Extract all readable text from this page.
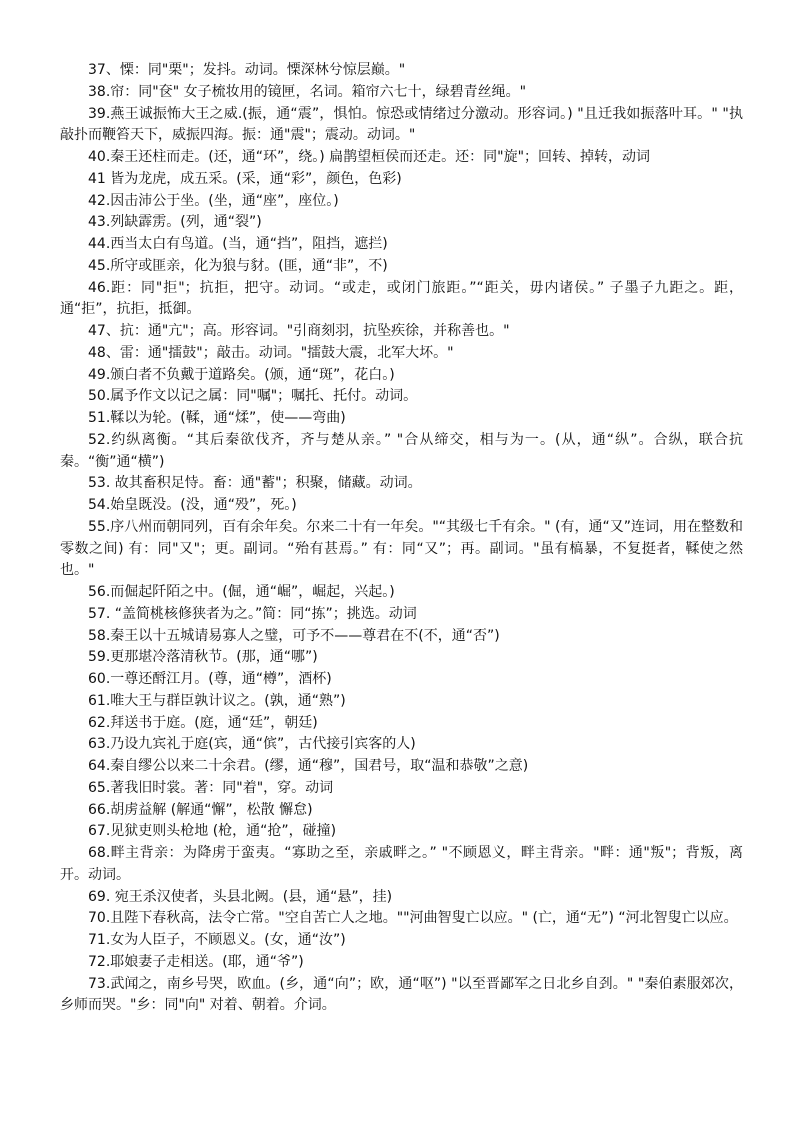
37、慄：同"栗"；发抖。动词。慄深林兮惊层巅。"

38.帘：同"奁" 女子梳妆用的镜匣，名词。箱帘六七十，绿碧青丝绳。"

39.燕王诚振怖大王之威.(振，通“震”，惧怕。惊恐或情绪过分激动。形容词。) "且迁我如振落叶耳。" "执敲扑而鞭笞天下，威振四海。振：通"震"；震动。动词。"

40.秦王还柱而走。(还，通“环”，绕。) 扁鹊望桓侯而还走。还：同"旋"；回转、掉转，动词

41 皆为龙虎，成五采。(采，通“彩”，颜色，色彩)

42.因击沛公于坐。(坐，通“座”，座位。)

43.列缺霹雳。(列，通“裂”)

44.西当太白有鸟道。(当，通“挡”，阻挡，遮拦)

45.所守或匪亲，化为狼与豺。(匪，通“非”，不)

46.距：同"拒"；抗拒，把守。动词。“或走，或闭门旅距。”“距关，毋内诸侯。” 子墨子九距之。距，通“拒”，抗拒，抵御。

47、抗：通"亢"；高。形容词。"引商刻羽，抗坠疾徐，并称善也。"

48、雷：通"擂鼓"；敲击。动词。"擂鼓大震，北军大坏。"

49.颁白者不负戴于道路矣。(颁，通“斑”，花白。)

50.属予作文以记之属：同"嘱"；嘱托、托付。动词。

51.鞣以为轮。(鞣，通“煣”，使——弯曲)

52.约纵离衡。“其后秦欲伐齐，齐与楚从亲。” "合从缔交，相与为一。(从，通“纵”。合纵，联合抗秦。“衡”通“横”)

53. 故其畜积足恃。畜：通"蓄"；积聚，储藏。动词。

54.始皇既没。(没，通“殁”，死。)

55.序八州而朝同列，百有余年矣。尔来二十有一年矣。"“其级七千有余。" (有，通“又”连词，用在整数和零数之间) 有：同"又"；更。副词。“殆有甚焉。” 有：同“又”；再。副词。"虽有槁暴，不复挺者，鞣使之然也。"

56.而倔起阡陌之中。(倔，通“崛”，崛起，兴起。)

57. “盖简桃核修狭者为之。”简：同“拣”；挑选。动词

58.秦王以十五城请易寡人之璧，可予不——尊君在不(不，通“否”)

59.更那堪冷落清秋节。(那，通“哪”)

60.一尊还酹江月。(尊，通“樽”，酒杯)

61.唯大王与群臣孰计议之。(孰，通“熟”)

62.拜送书于庭。(庭，通“廷”，朝廷)

63.乃设九宾礼于庭(宾，通“傧”，古代接引宾客的人)

64.秦自缪公以来二十余君。(缪，通“穆”，国君号，取“温和恭敬”之意)

65.著我旧时裳。著：同"着"，穿。动词

66.胡虏益解 (解通“懈”，松散 懈怠)

67.见狱吏则头枪地 (枪，通“抢”，碰撞)

68.畔主背亲：为降虏于蛮夷。“寡助之至，亲戚畔之。” "不顾恩义，畔主背亲。"畔：通"叛"；背叛，离开。动词。

69. 宛王杀汉使者，头县北阙。(县，通“悬”，挂)

70.且陛下春秋高，法令亡常。"空自苦亡人之地。""河曲智叟亡以应。" (亡，通“无”) “河北智叟亡以应。

71.女为人臣子，不顾恩义。(女，通“汝”)

72.耶娘妻子走相送。(耶，通“爷”)

73.武闻之，南乡号哭，欧血。(乡，通“向”；欧，通“呕”) "以至晋鄙军之日北乡自刭。" "秦伯素服郊次，乡师而哭。"乡：同"向" 对着、朝着。介词。
